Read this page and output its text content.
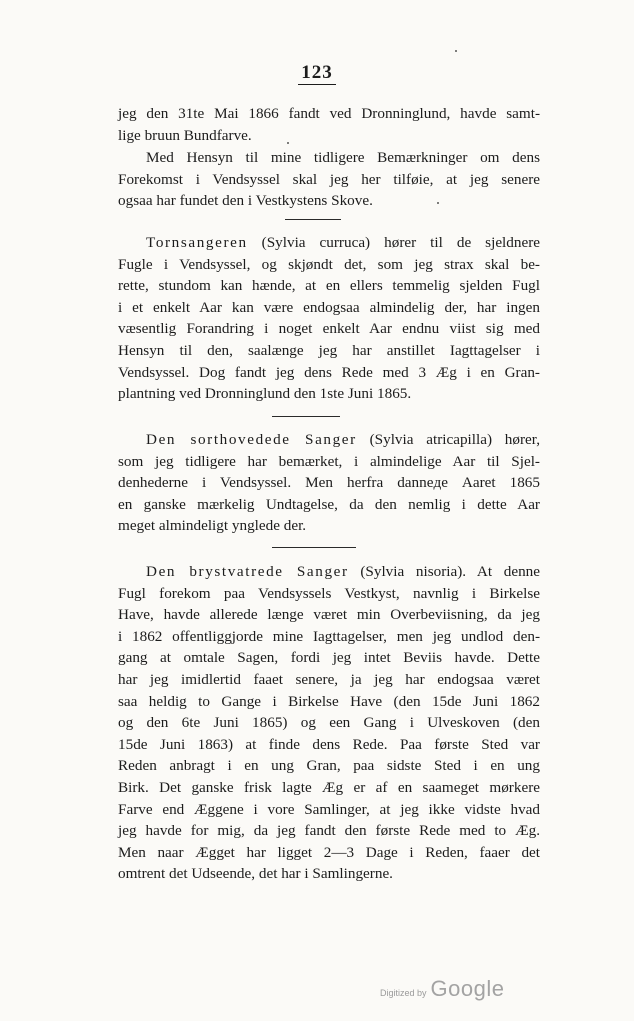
123
jeg den 31te Mai 1866 fandt ved Dronninglund, havde samt-
lige bruun Bundfarve.
Med Hensyn til mine tidligere Bemærkninger om dens
Forekomst i Vendsyssel skal jeg her tilføie, at jeg senere
ogsaa har fundet den i Vestkystens Skove.
Tornsangeren (Sylvia curruca) hører til de sjeldnere
Fugle i Vendsyssel, og skjøndt det, som jeg strax skal be-
rette, stundom kan hænde, at en ellers temmelig sjelden Fugl
i et enkelt Aar kan være endogsaa almindelig der, har ingen
væsentlig Forandring i noget enkelt Aar endnu viist sig med
Hensyn til den, saalænge jeg har anstillet Iagttagelser i
Vendsyssel. Dog fandt jeg dens Rede med 3 Æg i en Gran-
plantning ved Dronninglund den 1ste Juni 1865.
Den sorthovedede Sanger (Sylvia atricapilla) hører,
som jeg tidligere har bemærket, i almindelige Aar til Sjel-
denhederne i Vendsyssel. Men herfra danneде Aaret 1865
en ganske mærkelig Undtagelse, da den nemlig i dette Aar
meget almindeligt ynglede der.
Den brystvatrede Sanger (Sylvia nisoria). At denne
Fugl forekom paa Vendsyssels Vestkyst, navnlig i Birkelse
Have, havde allerede længe været min Overbeviisning, da jeg
i 1862 offentliggjorde mine Iagttagelser, men jeg undlod den-
gang at omtale Sagen, fordi jeg intet Beviis havde. Dette
har jeg imidlertid faaet senere, ja jeg har endogsaa været
saa heldig to Gange i Birkelse Have (den 15de Juni 1862
og den 6te Juni 1865) og een Gang i Ulveskoven (den
15de Juni 1863) at finde dens Rede. Paa første Sted var
Reden anbragt i en ung Gran, paa sidste Sted i en ung
Birk. Det ganske frisk lagte Æg er af en saameget mørkere
Farve end Æggene i vore Samlinger, at jeg ikke vidste hvad
jeg havde for mig, da jeg fandt den første Rede med to Æg.
Men naar Ægget har ligget 2—3 Dage i Reden, faaer det
omtrent det Udseende, det har i Samlingerne.
Digitized by Google
